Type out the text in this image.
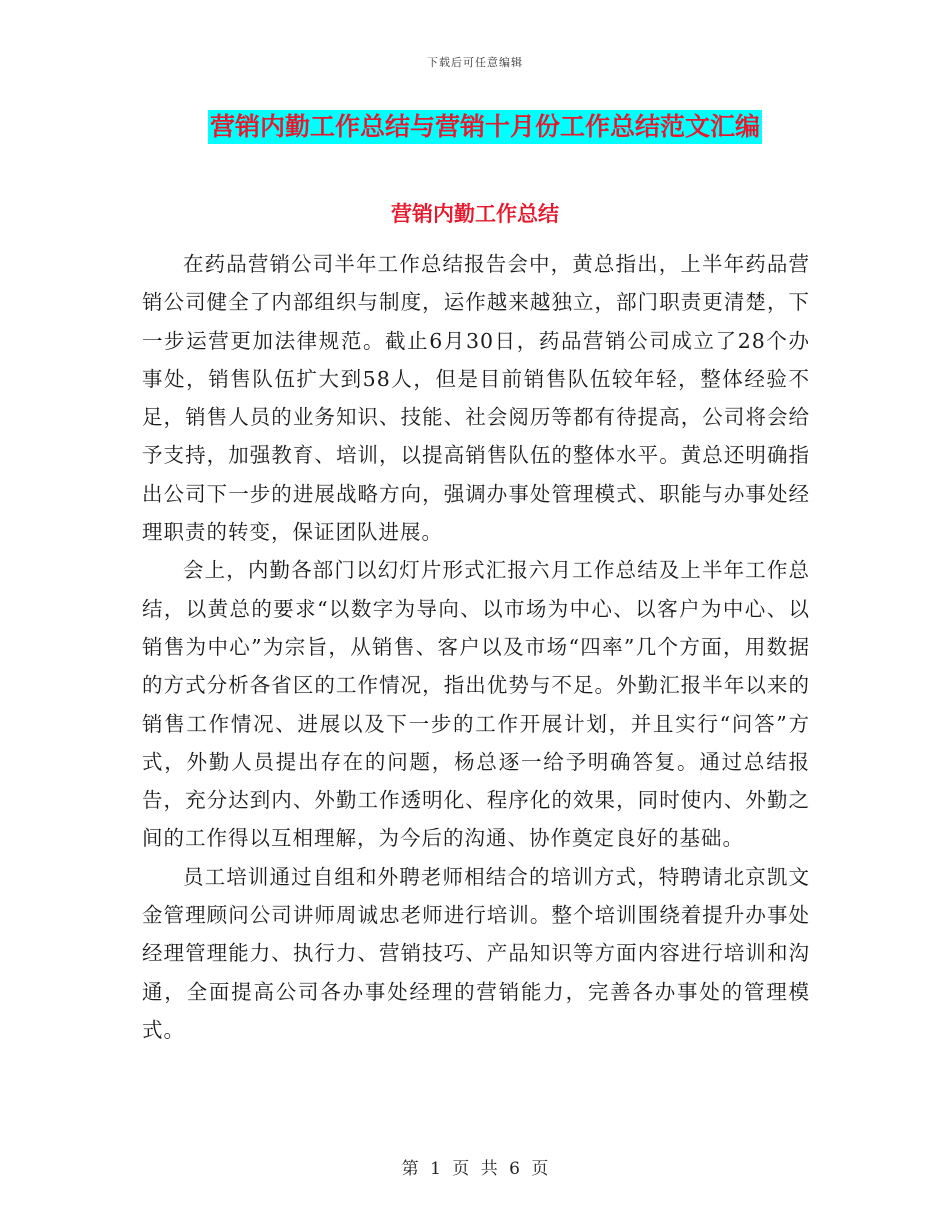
下载后可任意编辑
营销内勤工作总结与营销十月份工作总结范文汇编
营销内勤工作总结

在药品营销公司半年工作总结报告会中，黄总指出，上半年药品营销公司健全了内部组织与制度，运作越来越独立，部门职责更清楚，下一步运营更加法律规范。截止6月30日，药品营销公司成立了28个办事处，销售队伍扩大到58人，但是目前销售队伍较年轻，整体经验不足，销售人员的业务知识、技能、社会阅历等都有待提高，公司将会给予支持，加强教育、培训，以提高销售队伍的整体水平。黄总还明确指出公司下一步的进展战略方向，强调办事处管理模式、职能与办事处经理职责的转变，保证团队进展。

会上，内勤各部门以幻灯片形式汇报六月工作总结及上半年工作总结，以黄总的要求“以数字为导向、以市场为中心、以客户为中心、以销售为中心”为宗旨，从销售、客户以及市场“四率”几个方面，用数据的方式分析各省区的工作情况，指出优势与不足。外勤汇报半年以来的销售工作情况、进展以及下一步的工作开展计划，并且实行“问答”方式，外勤人员提出存在的问题，杨总逐一给予明确答复。通过总结报告，充分达到内、外勤工作透明化、程序化的效果，同时使内、外勤之间的工作得以互相理解，为今后的沟通、协作奠定良好的基础。

员工培训通过自组和外聘老师相结合的培训方式，特聘请北京凯文金管理顾问公司讲师周诚忠老师进行培训。整个培训围绕着提升办事处经理管理能力、执行力、营销技巧、产品知识等方面内容进行培训和沟通，全面提高公司各办事处经理的营销能力，完善各办事处的管理模式。

第 1 页 共 6 页
